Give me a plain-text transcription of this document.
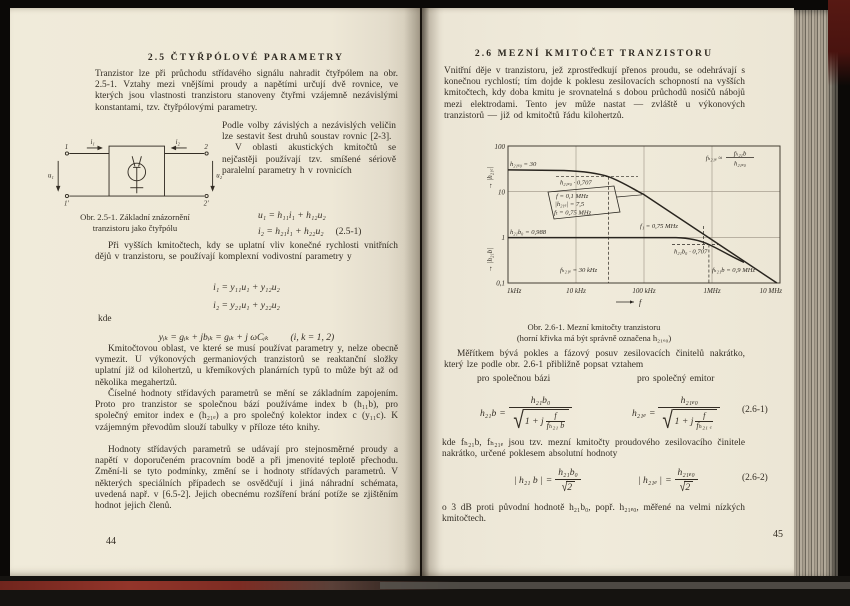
2.5 ČTYŘPÓLOVÉ PARAMETRY
Tranzistor lze při průchodu střídavého signálu nahradit čtyřpólem na obr. 2.5-1. Vztahy mezi vnějšími proudy a napětími určují dvě rovnice, ve kterých jsou vlastnosti tranzistoru stanoveny čtyřmi vzájemně nezávislými konstantami, tzv. čtyřpólovými parametry.
1	2
1′	2′
i₁	i₂
u₁	u₂
Obr. 2.5-1. Základní znázornění
tranzistoru jako čtyřpólu

Podle volby závislých a nezávislých veličin lze sestavit šest druhů soustav rovnic [2-3].

V oblasti akustických kmitočtů se nejčastěji používají tzv. smíšené sériově paralelní parametry h v rovnicích

u₁ = h₁₁i₁ + h₁₂u₂
i₂ = h₂₁i₁ + h₂₂u₂ (2.5-1)

Při vyšších kmitočtech, kdy se uplatní vliv konečné rychlosti vnitřních dějů v tranzistoru, se používají komplexní vodivostní parametry y

i₁ = y₁₁u₁ + y₁₂u₂
i₂ = y₂₁u₁ + y₂₂u₂
kde
yᵢₖ = gᵢₖ + jbᵢₖ = gᵢₖ + j ωCᵢₖ (i, k = 1, 2)

Kmitočtovou oblast, ve které se musí používat parametry y, nelze obecně vymezit. U výkonových germaniových tranzistorů se reaktanční složky uplatní již od kilohertzů, u křemíkových planárních typů to může být až od několika megahertzů.

Číselné hodnoty střídavých parametrů se mění se základním zapojením. Proto pro tranzistor se společnou bází používáme index b (h₁₁b), pro společný emitor index e (h₂₁ₑ) a pro společný kolektor index c (y₁₁c). K vzájemným převodům slouží tabulky v příloze této knihy.

Hodnoty střídavých parametrů se udávají pro stejnosměrné proudy a napětí v doporučeném pracovním bodě a při jmenovité teplotě přechodu. Změní-li se tyto podmínky, změní se i hodnoty střídavých parametrů. V některých speciálních případech se osvědčují i jiná náhradní schémata, uvedená např. v [6.5-2]. Jejich obecnému rozšíření brání potíže se zjištěním hodnot jejich členů.

44
2.6 MEZNÍ KMITOČET TRANZISTORU
Vnitřní děje v tranzistoru, jež zprostředkují přenos proudu, se odehrávají s konečnou rychlostí; tím dojde k poklesu zesilovacích schopností na vyšších kmitočtech, kdy doba kmitu je srovnatelná s dobou průchodů nosičů nábojů mezi elektrodami. Tento jev může nastat — zvláště u výkonových tranzistorů — již od kmitočtů řádu kilohertzů.
f = 0,1 MHz
|h₂₁ₑ| = 7,5
fₜ = 0,75 MHz
h₂₁ₑ₀ = 30
h₂₁ₑ₀ · 0,707
h₂₁b₀ = 0,988
h₂₁b₀ · 0,707
f₁ = 0,75 MHz
fₕ₂₁ₑ = 30 kHz	fₕ₂₁b = 0,9 MHz
fₕ₂₁ₑ ≈
fₕ₂₁b
h₂₁ₑ₀
100
10
1
0,1
1kHz	10 kHz	100 kHz	1MHz	10 MHz
f
→ |h₂₁ₑ|
→ |h₂₁b|
Obr. 2.6-1. Mezní kmitočty tranzistoru
(horní křivka má být správně označena h₂₁ₑ₀)

Měřítkem bývá pokles a fázový posuv zesilovacích činitelů nakrátko, který lze podle obr. 2.6-1 přibližně popsat vztahem

pro společnou bázi	pro společný emitor
h₂₁b =
h₂₁b₀
√ 1 + j $\frac{f}{\text{fₕ₂₁ b}}$	h₂₁ₑ =
h₂₁ₑ₀
√ 1 + j $\frac{f}{\text{fₕ₂₁ ₑ}}$
(2.6-1)
kde fₕ₂₁b, fₕ₂₁ₑ jsou tzv. mezní kmitočty proudového zesilovacího činitele nakrátko, určené poklesem absolutní hodnoty
| h₂₁ b | = $\frac{\text{h₂₁b₀}}{√ 2}$	| h₂₁ₑ | = $\frac{\text{h₂₁ₑ₀}}{√ 2}$	(2.6-2)
o 3 dB proti původní hodnotě h₂₁b₀, popř. h₂₁ₑ₀, měřené na velmi nízkých kmitočtech.
45
